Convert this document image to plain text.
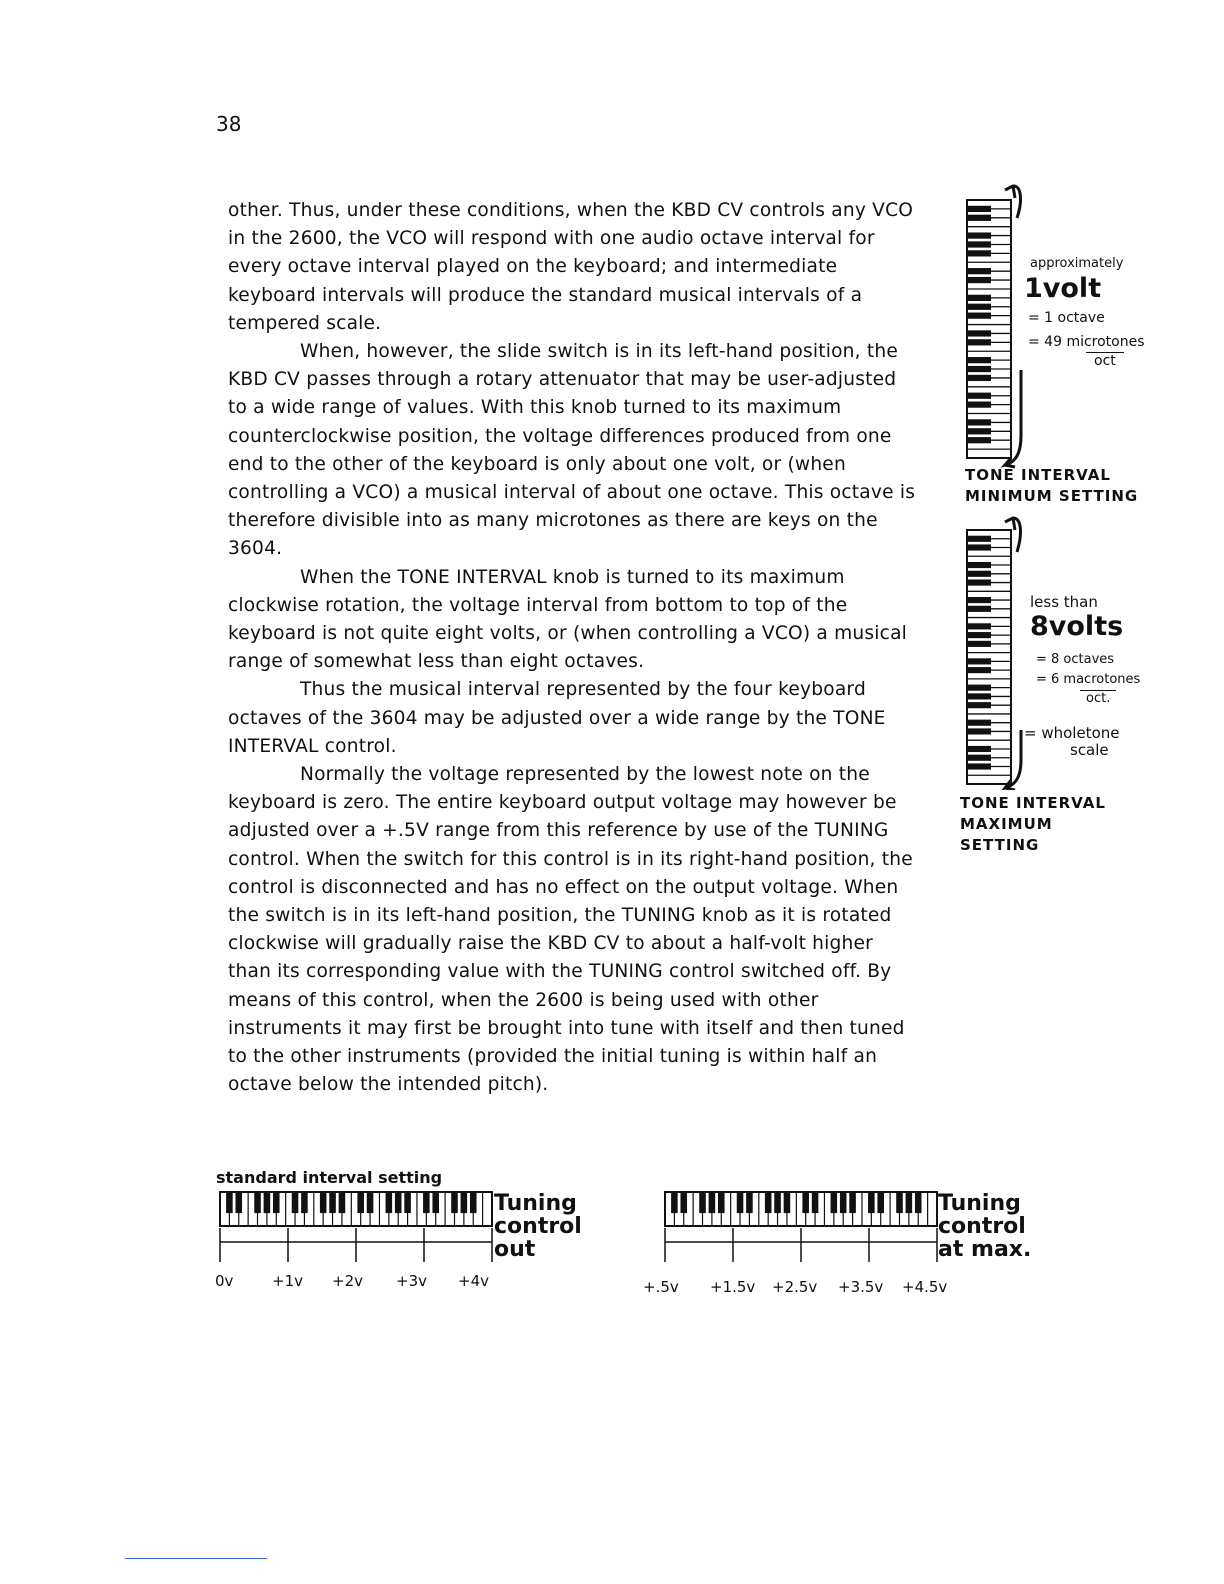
38

other. Thus, under these conditions, when the KBD CV controls any VCO in the 2600, the VCO will respond with one audio octave interval for every octave interval played on the keyboard; and intermediate keyboard intervals will produce the standard musical intervals of a tempered scale.

When, however, the slide switch is in its left-hand position, the KBD CV passes through a rotary attenuator that may be user-adjusted to a wide range of values. With this knob turned to its maximum counterclockwise position, the voltage differences produced from one end to the other of the keyboard is only about one volt, or (when controlling a VCO) a musical interval of about one octave. This octave is therefore divisible into as many microtones as there are keys on the 3604.

When the TONE INTERVAL knob is turned to its maximum clockwise rotation, the voltage interval from bottom to top of the keyboard is not quite eight volts, or (when controlling a VCO) a musical range of somewhat less than eight octaves.

Thus the musical interval represented by the four keyboard octaves of the 3604 may be adjusted over a wide range by the TONE INTERVAL control.

Normally the voltage represented by the lowest note on the keyboard is zero. The entire keyboard output voltage may however be adjusted over a +.5V range from this reference by use of the TUNING control. When the switch for this control is in its right-hand position, the control is disconnected and has no effect on the output voltage. When the switch is in its left-hand position, the TUNING knob as it is rotated clockwise will gradually raise the KBD CV to about a half-volt higher than its corresponding value with the TUNING control switched off. By means of this control, when the 2600 is being used with other instruments it may first be brought into tune with itself and then tuned to the other instruments (provided the initial tuning is within half an octave below the intended pitch).

approximately
1volt
= 1 octave
= 49 microtones
oct
TONE INTERVAL
MINIMUM SETTING
less than
8volts
= 8 octaves
= 6 macrotones
oct.
= wholetone
scale
TONE INTERVAL
MAXIMUM
SETTING
standard interval setting
Tuning
control
out
0v	+1v +2v +3v +4v
Tuning
control
at max.
+.5v +1.5v +2.5v +3.5v +4.5v
